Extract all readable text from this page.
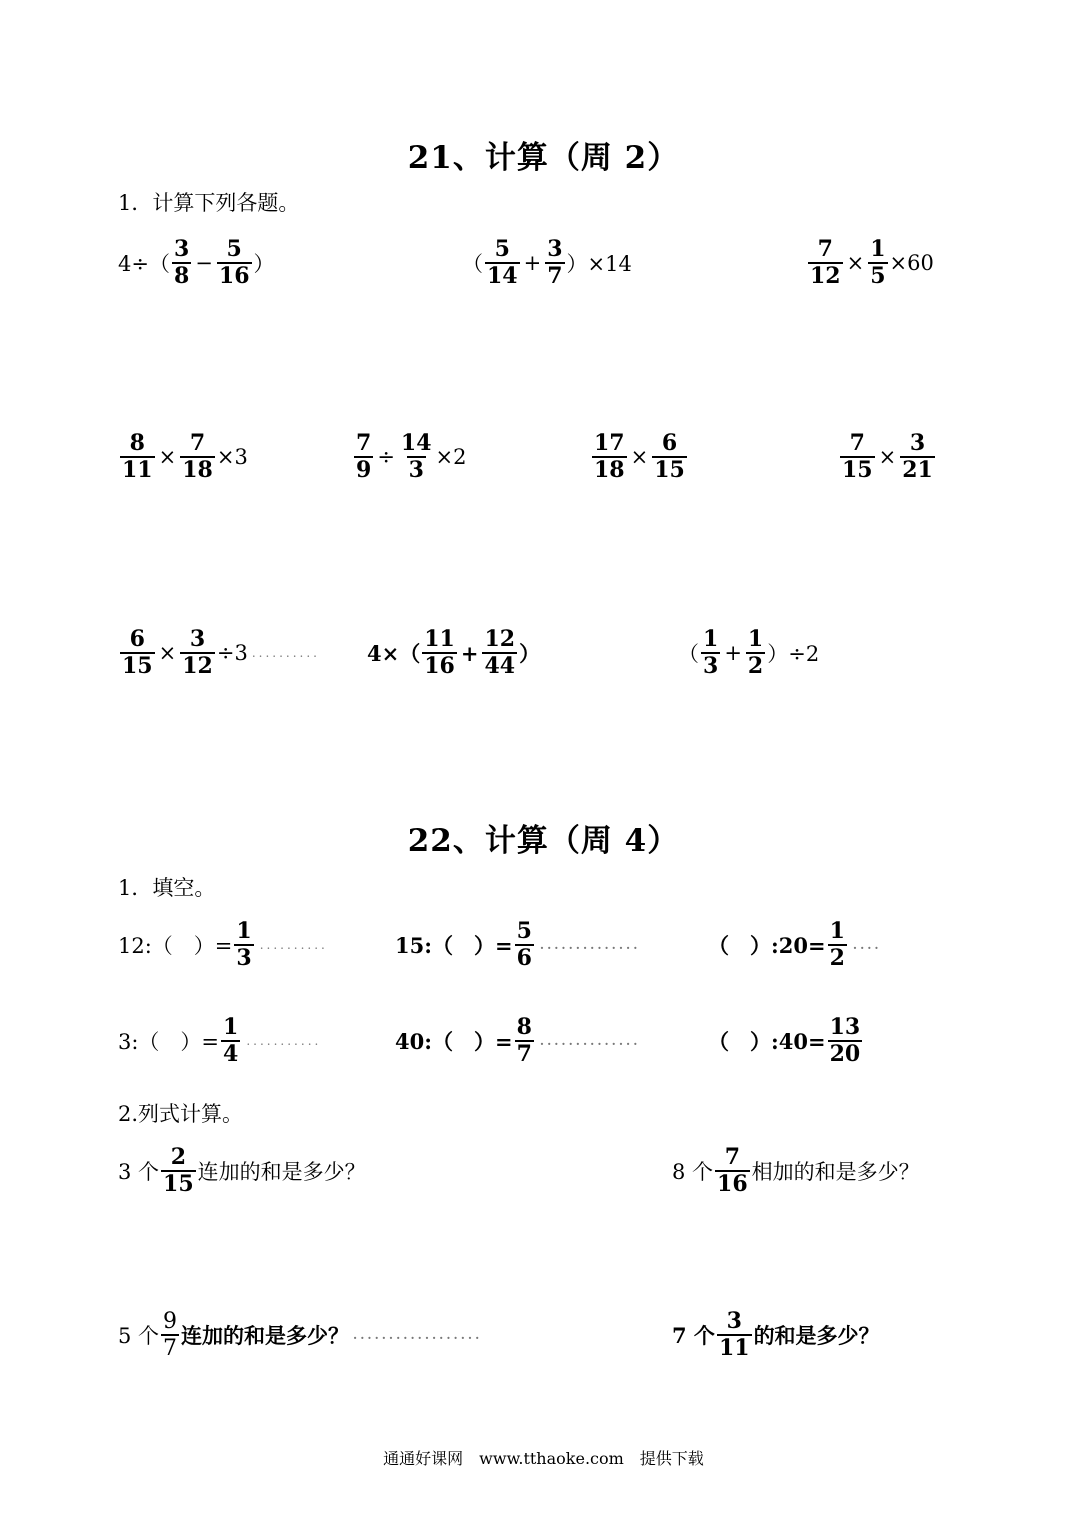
21、计算（周 2）
1．计算下列各题。
$4\div( \frac{3}{8} - \frac{5}{16}$ ）	（ $\frac{5}{14} + \frac{3}{7} )\times 14$	$\frac{7}{12} \times \frac{1}{5} \times 60$
$\frac{8}{11} \times \frac{7}{18} \times 3$	$\frac{7}{9} \div \frac{14}{3} \times 2$	$\frac{17}{18} \times \frac{6}{15}$	$\frac{7}{15} \times \frac{3}{21}$
$\frac{6}{15} \times \frac{3}{12} \div 3$ .......... $4\times( \frac{11}{16} + \frac{12}{44}$ ）	（ $\frac{1}{3} + \frac{1}{2} )\div 2$
22、计算（周 4）
1．填空。
12:（　）= $\frac{1}{3}$ ..........	15:（　）= $\frac{5}{6}$ ..............	（　）:20= $\frac{1}{2}$ ....
3:（　）= $\frac{1}{4}$ ...........	40:（　）= $\frac{8}{7}$ ..............	（　）:40= $\frac{13}{20}$
2.列式计算。
3 个 $\frac{2}{15}$ 连加的和是多少？	8 个 $\frac{7}{16}$ 相加的和是多少？
5 个 $\frac{9}{7}$ 连加的和是多少？ ..................	7 个 $\frac{3}{11}$ 的和是多少？
通通好课网　www.tthaoke.com　提供下载
